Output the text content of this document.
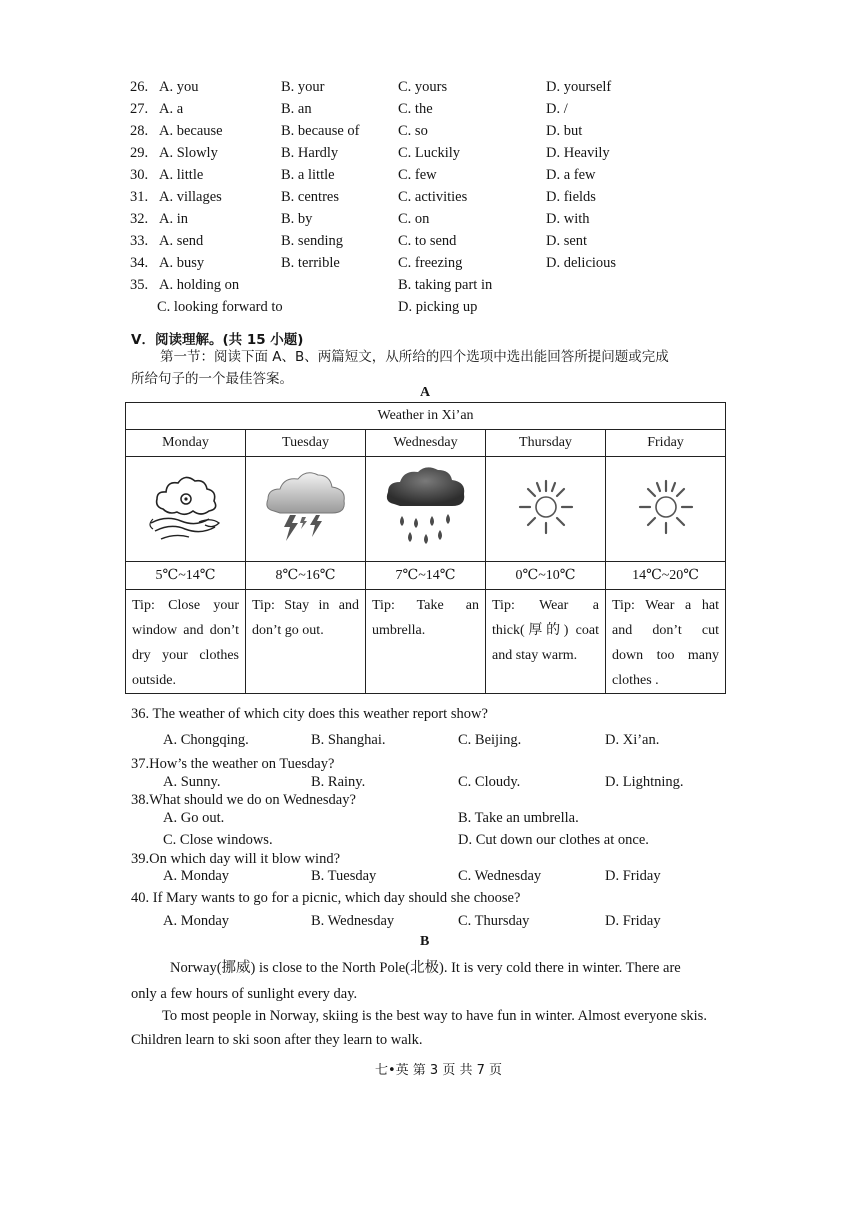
26. A. you	B. your	C. yours	D. yourself
27. A. a	B. an	C. the	D. /
28. A. because	B. because of	C. so	D. but
29. A. Slowly	B. Hardly	C. Luckily	D. Heavily
30. A. little	B. a little	C. few	D. a few
31. A. villages	B. centres	C. activities	D. fields
32. A. in	B. by	C. on	D. with
33. A. send	B. sending	C. to send	D. sent
34. A. busy	B. terrible	C. freezing	D. delicious
35. A. holding on	B. taking part in
C. looking forward to	D. picking up
Ⅴ．阅读理解。(共 15 小题)
第一节：阅读下面 A、B、两篇短文，从所给的四个选项中选出能回答所提问题或完成
所给句子的一个最佳答案。
A
Weather in Xi’an				
Monday	Tuesday	Wednesday	Thursday	Friday

5℃~14℃	8℃~16℃	7℃~14℃	0℃~10℃	14℃~20℃
Tip: Close your window and don’t dry your clothes outside.	Tip: Stay in and don’t go out.	Tip: Take an umbrella.	Tip: Wear a thick(厚的) coat and stay warm.	Tip: Wear a hat and don’t cut down too many clothes .
36. The weather of which city does this weather report show?
A. Chongqing.	B. Shanghai.	C. Beijing.	D. Xi’an.
37.How’s the weather on Tuesday?
A. Sunny.	B. Rainy.	C. Cloudy.	D. Lightning.
38.What should we do on Wednesday?
A. Go out.	B. Take an umbrella.
C. Close windows.	D. Cut down our clothes at once.
39.On which day will it blow wind?
A. Monday	B. Tuesday	C. Wednesday	D. Friday
40. If Mary wants to go for a picnic, which day should she choose?
A. Monday	B. Wednesday	C. Thursday	D. Friday
B
Norway(挪威) is close to the North Pole(北极). It is very cold there in winter. There are
only a few hours of sunlight every day.
To most people in Norway, skiing is the best way to have fun in winter. Almost everyone skis.
Children learn to ski soon after they learn to walk.
七•英 第 3 页 共 7 页
